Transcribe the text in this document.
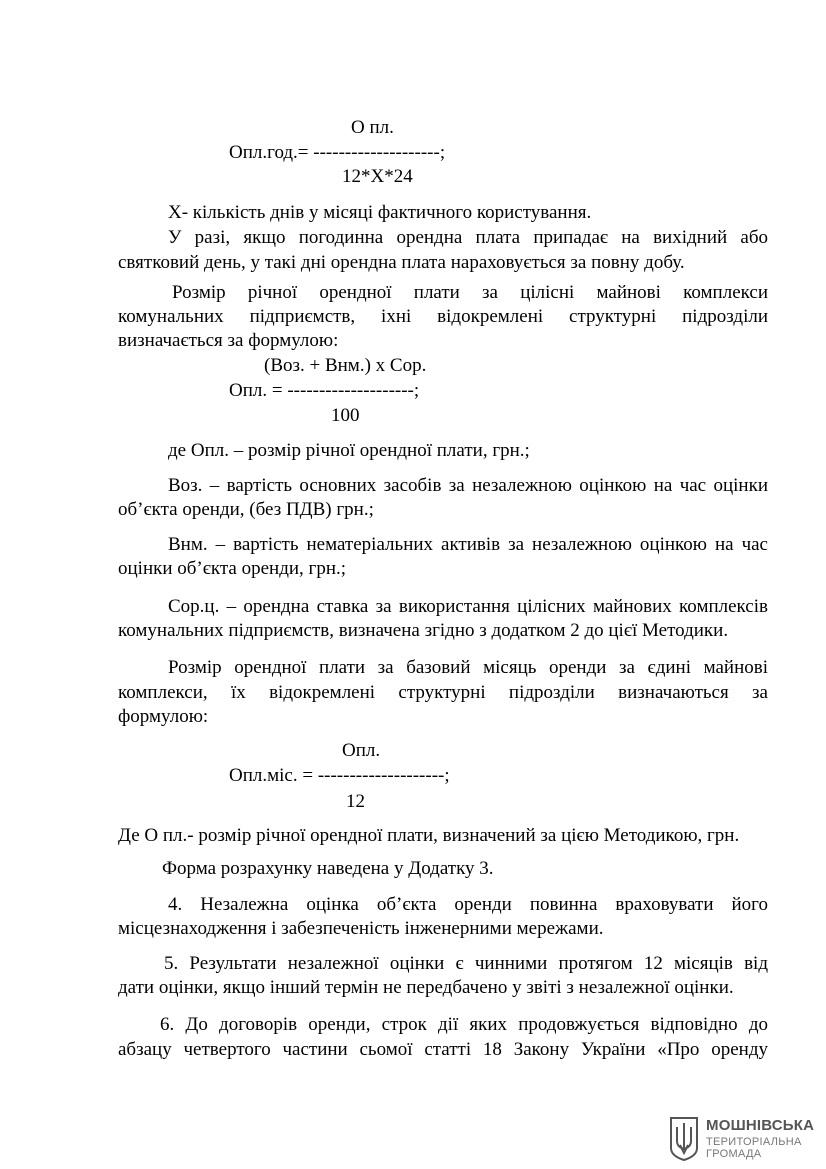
О пл.
Опл.год.= --------------------;
12*Х*24
Х- кількість днів у місяці фактичного користування.
У разі, якщо погодинна орендна плата припадає на вихідний або
святковий день, у такі дні орендна плата нараховується за повну добу.
Розмір річної орендної плати за цілісні майнові комплекси
комунальних підприємств, іхні відокремлені структурні підрозділи
визначається за формулою:
(Воз. + Внм.) х Сор.
Опл. = --------------------;
100
де Опл. – розмір річної орендної плати, грн.;
Воз. – вартість основних засобів за незалежною оцінкою на час оцінки
об’єкта оренди, (без ПДВ) грн.;
Внм. – вартість нематеріальних активів за незалежною оцінкою на час
оцінки об’єкта оренди, грн.;
Сор.ц. – орендна ставка за використання цілісних майнових комплексів
комунальних підприємств, визначена згідно з додатком 2 до цієї Методики.
Розмір орендної плати за базовий місяць оренди за єдині майнові
комплекси, їх відокремлені структурні підрозділи визначаються за
формулою:
Опл.
Опл.міс. = --------------------;
12
Де О пл.- розмір річної орендної плати, визначений за цією Методикою, грн.
Форма розрахунку наведена у Додатку 3.
4. Незалежна оцінка об’єкта оренди повинна враховувати його
місцезнаходження і забезпеченість інженерними мережами.
5. Результати незалежної оцінки є чинними протягом 12 місяців від
дати оцінки, якщо інший термін не передбачено у звіті з незалежної оцінки.
6. До договорів оренди, строк дії яких продовжується відповідно до
абзацу четвертого частини сьомої статті 18 Закону України «Про оренду
МОШНІВСЬКА
ТЕРИТОРІАЛЬНА
ГРОМАДА
